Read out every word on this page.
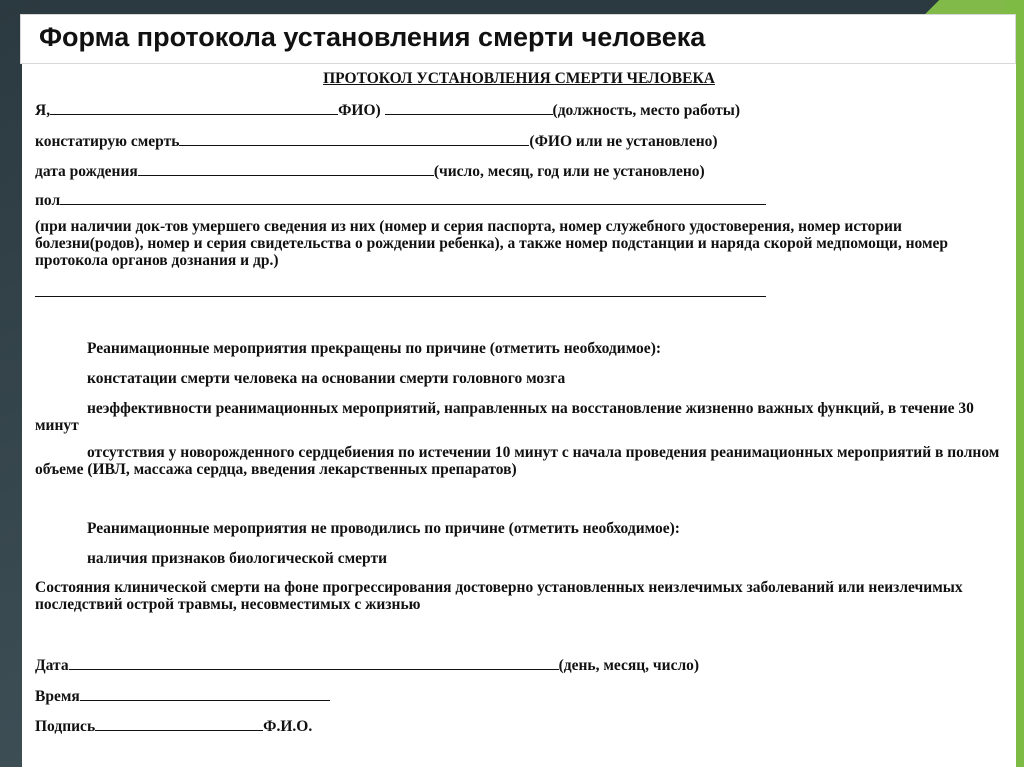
Форма протокола установления смерти человека
ПРОТОКОЛ УСТАНОВЛЕНИЯ СМЕРТИ ЧЕЛОВЕКА

Я,	ФИО)	(должность, место работы)

констатирую смерть	(ФИО или не установлено)

дата рождения	(число, месяц, год или не установлено)

пол

(при наличии док-тов умершего сведения из них (номер и серия паспорта, номер служебного удостоверения, номер истории болезни(родов), номер и серия свидетельства о рождении ребенка), а также номер подстанции и наряда скорой медпомощи, номер протокола органов дознания и др.)

Реанимационные мероприятия прекращены по причине (отметить необходимое):

констатации смерти человека на основании смерти головного мозга

неэффективности реанимационных мероприятий, направленных на восстановление жизненно важных функций, в течение 30 минут

отсутствия у новорожденного сердцебиения по истечении 10 минут с начала проведения реанимационных мероприятий в полном объеме (ИВЛ, массажа сердца, введения лекарственных препаратов)

Реанимационные мероприятия не проводились по причине (отметить необходимое):

наличия признаков биологической смерти

Состояния клинической смерти на фоне прогрессирования достоверно установленных неизлечимых заболеваний или неизлечимых последствий острой травмы, несовместимых с жизнью

Дата	(день, месяц, число)

Время

Подпись	Ф.И.О.
